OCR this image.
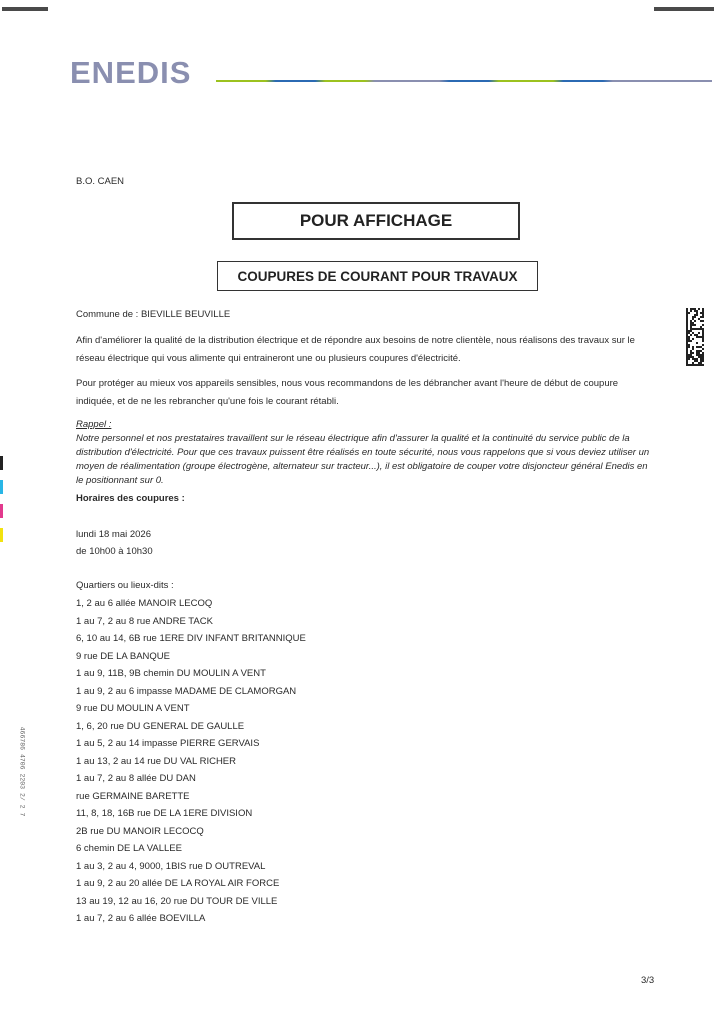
ENEDIS
B.O. CAEN
POUR AFFICHAGE
COUPURES DE COURANT POUR TRAVAUX
Commune de : BIEVILLE BEUVILLE
Afin d'améliorer la qualité de la distribution électrique et de répondre aux besoins de notre clientèle, nous réalisons des travaux sur le réseau électrique qui vous alimente qui entraineront une ou plusieurs coupures d'électricité.
Pour protéger au mieux vos appareils sensibles, nous vous recommandons de les débrancher avant l'heure de début de coupure indiquée, et de ne les rebrancher qu'une fois le courant rétabli.
Rappel :
Notre personnel et nos prestataires travaillent sur le réseau électrique afin d'assurer la qualité et la continuité du service public de la distribution d'électricité. Pour que ces travaux puissent être réalisés en toute sécurité, nous vous rappelons que si vous deviez utiliser un moyen de réalimentation (groupe électrogène, alternateur sur tracteur...), il est obligatoire de couper votre disjoncteur général Enedis en le positionnant sur 0.
Horaires des coupures :
lundi 18 mai 2026
de 10h00 à 10h30
Quartiers ou lieux-dits :
1, 2 au 6 allée MANOIR LECOQ
1 au 7, 2 au 8 rue ANDRE TACK
6, 10 au 14, 6B rue 1ERE DIV INFANT BRITANNIQUE
9 rue DE LA BANQUE
1 au 9, 11B, 9B chemin DU MOULIN A VENT
1 au 9, 2 au 6 impasse MADAME DE CLAMORGAN
9 rue DU MOULIN A VENT
1, 6, 20 rue DU GENERAL DE GAULLE
1 au 5, 2 au 14 impasse PIERRE GERVAIS
1 au 13, 2 au 14 rue DU VAL RICHER
1 au 7, 2 au 8 allée DU DAN
rue GERMAINE BARETTE
11, 8, 18, 16B rue DE LA 1ERE DIVISION
2B rue DU MANOIR LECOCQ
6 chemin DE LA VALLEE
1 au 3, 2 au 4, 9000, 1BIS rue D OUTREVAL
1 au 9, 2 au 20 allée DE LA ROYAL AIR FORCE
13 au 19, 12 au 16, 20 rue DU TOUR DE VILLE
1 au 7, 2 au 6 allée BOEVILLA
3/3
466786 4706 2203 2/ 2 7
